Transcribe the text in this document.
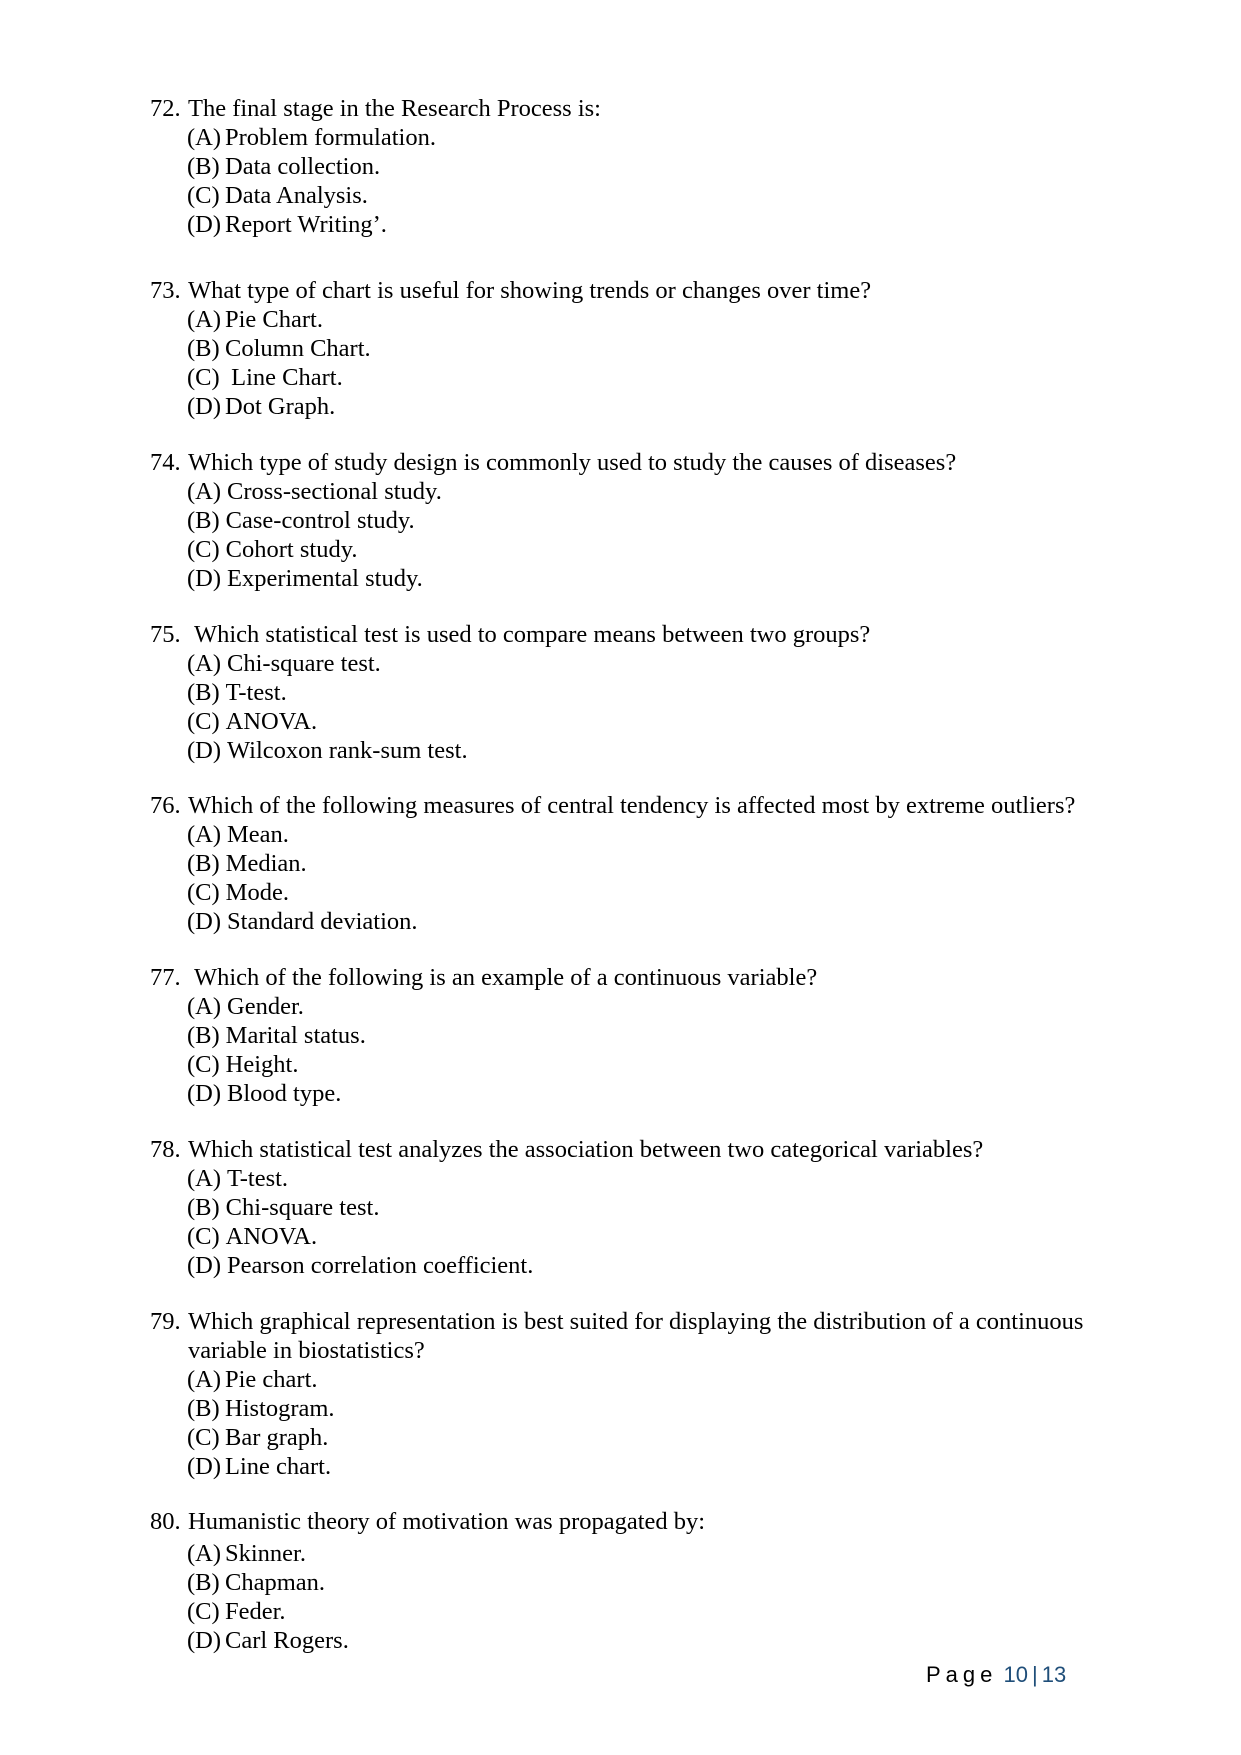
72. The final stage in the Research Process is:
(A) Problem formulation.
(B) Data collection.
(C) Data Analysis.
(D) Report Writing’.
73. What type of chart is useful for showing trends or changes over time?
(A) Pie Chart.
(B) Column Chart.
(C) Line Chart.
(D) Dot Graph.
74. Which type of study design is commonly used to study the causes of diseases?
(A) Cross-sectional study.
(B) Case-control study.
(C) Cohort study.
(D) Experimental study.
75. Which statistical test is used to compare means between two groups?
(A) Chi-square test.
(B) T-test.
(C) ANOVA.
(D) Wilcoxon rank-sum test.
76. Which of the following measures of central tendency is affected most by extreme outliers?
(A) Mean.
(B) Median.
(C) Mode.
(D) Standard deviation.
77. Which of the following is an example of a continuous variable?
(A) Gender.
(B) Marital status.
(C) Height.
(D) Blood type.
78. Which statistical test analyzes the association between two categorical variables?
(A) T-test.
(B) Chi-square test.
(C) ANOVA.
(D) Pearson correlation coefficient.
79. Which graphical representation is best suited for displaying the distribution of a continuous variable in biostatistics?
(A) Pie chart.
(B) Histogram.
(C) Bar graph.
(D) Line chart.
80. Humanistic theory of motivation was propagated by:
(A) Skinner.
(B) Chapman.
(C) Feder.
(D) Carl Rogers.
Page 10 | 13
